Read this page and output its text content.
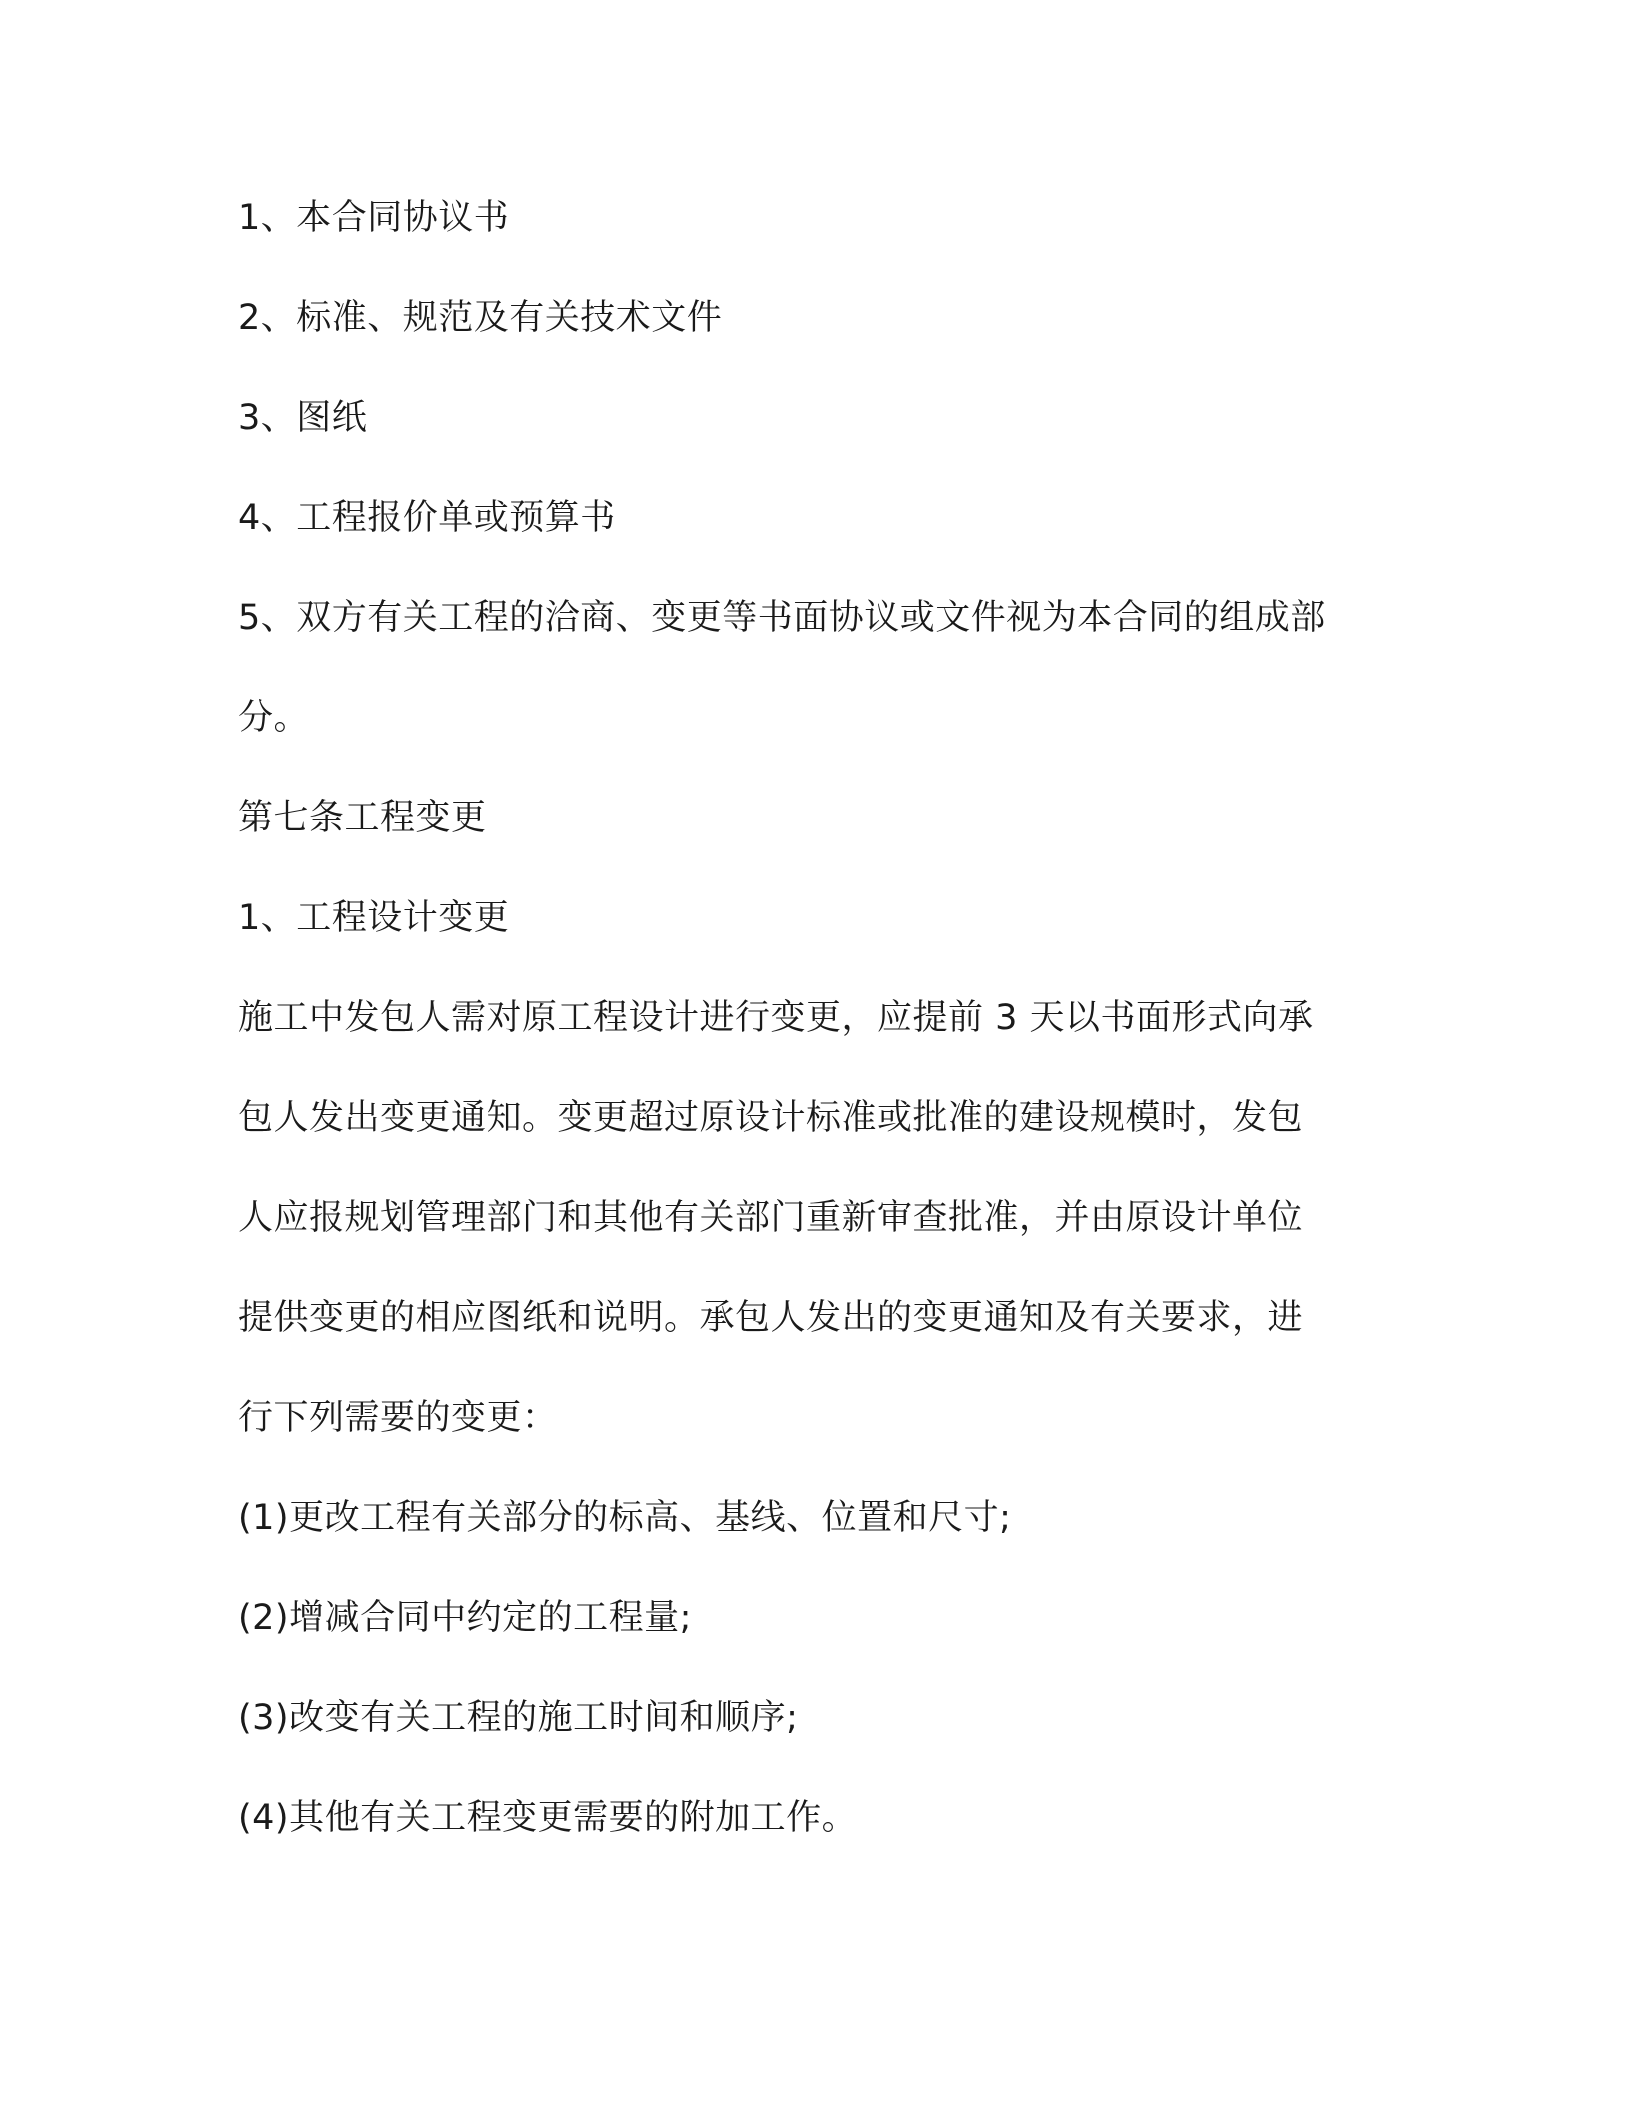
1、本合同协议书
2、标准、规范及有关技术文件
3、图纸
4、工程报价单或预算书
5、双方有关工程的洽商、变更等书面协议或文件视为本合同的组成部
分。
第七条工程变更
1、工程设计变更
施工中发包人需对原工程设计进行变更，应提前 3 天以书面形式向承
包人发出变更通知。变更超过原设计标准或批准的建设规模时，发包
人应报规划管理部门和其他有关部门重新审查批准，并由原设计单位
提供变更的相应图纸和说明。承包人发出的变更通知及有关要求，进
行下列需要的变更：
(1)更改工程有关部分的标高、基线、位置和尺寸;
(2)增减合同中约定的工程量;
(3)改变有关工程的施工时间和顺序;
(4)其他有关工程变更需要的附加工作。
